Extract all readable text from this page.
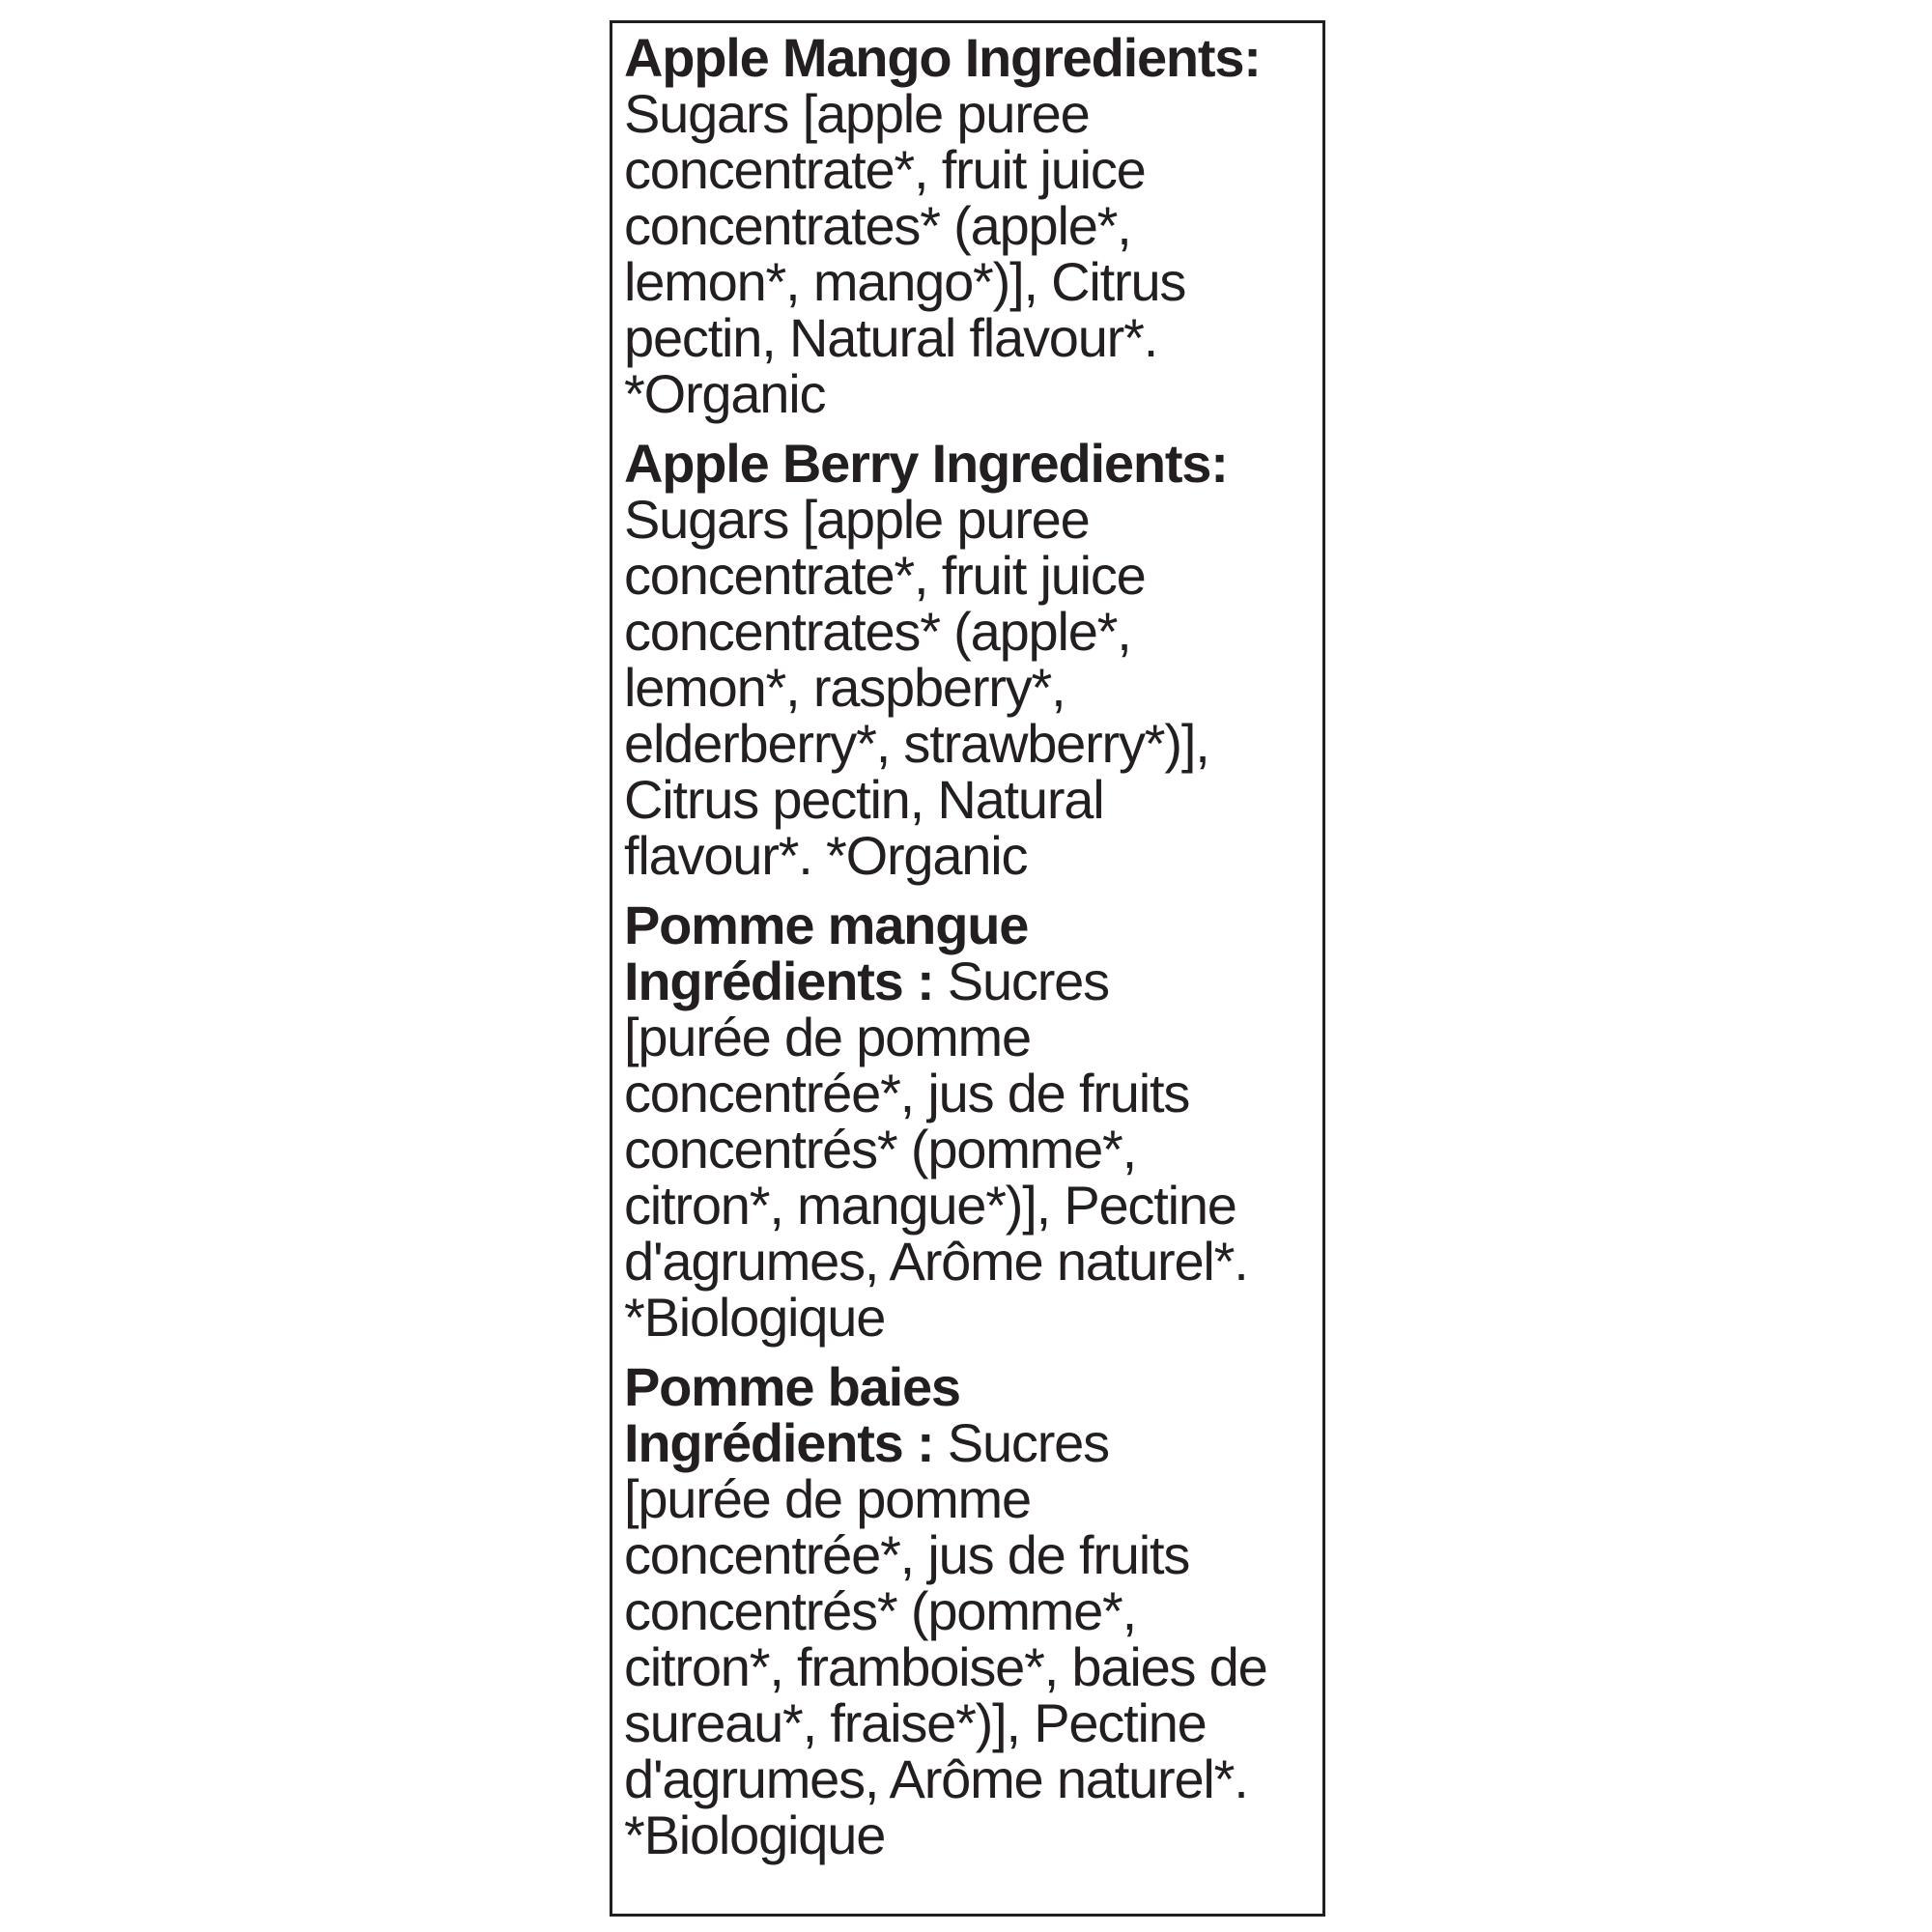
Apple Mango Ingredients:
Sugars [apple puree
concentrate*, fruit juice
concentrates* (apple*,
lemon*, mango*)], Citrus
pectin, Natural flavour*.
*Organic
Apple Berry Ingredients:
Sugars [apple puree
concentrate*, fruit juice
concentrates* (apple*,
lemon*, raspberry*,
elderberry*, strawberry*)],
Citrus pectin, Natural
flavour*. *Organic
Pomme mangue
Ingrédients : Sucres
[purée de pomme
concentrée*, jus de fruits
concentrés* (pomme*,
citron*, mangue*)], Pectine
d'agrumes, Arôme naturel*.
*Biologique
Pomme baies
Ingrédients : Sucres
[purée de pomme
concentrée*, jus de fruits
concentrés* (pomme*,
citron*, framboise*, baies de
sureau*, fraise*)], Pectine
d'agrumes, Arôme naturel*.
*Biologique
